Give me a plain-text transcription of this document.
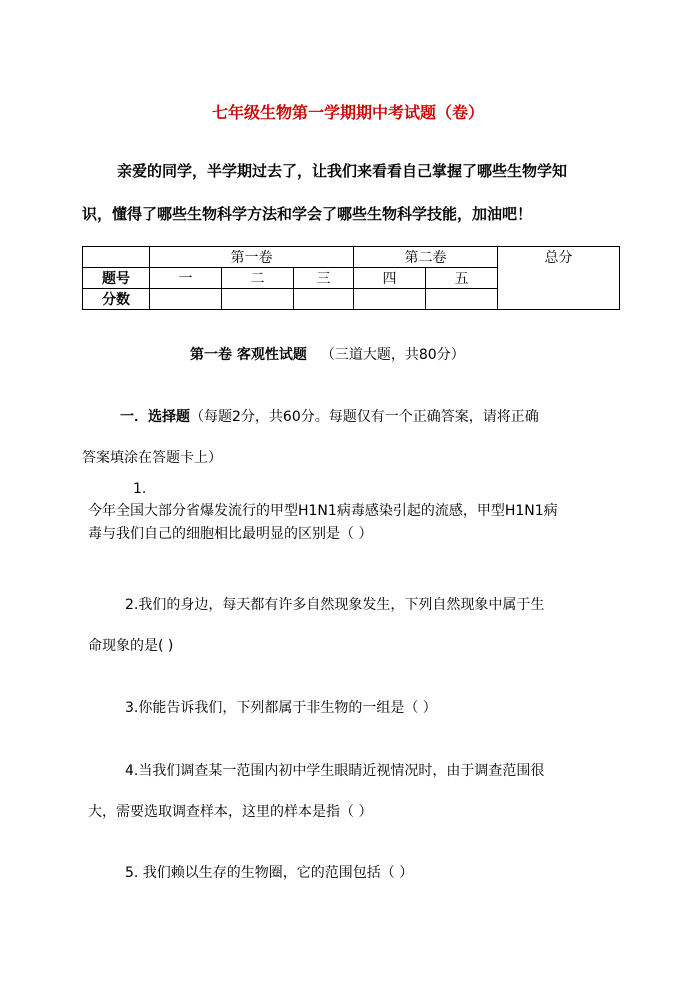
七年级生物第一学期期中考试题（卷）
亲爱的同学，半学期过去了，让我们来看看自己掌握了哪些生物学知
识，懂得了哪些生物科学方法和学会了哪些生物科学技能，加油吧！
	第一卷			第二卷		总分
题号	一	二	三	四	五	
分数						
第一卷 客观性试题 （三道大题，共80分）
一．选择题（每题2分，共60分。每题仅有一个正确答案，请将正确
答案填涂在答题卡上）
1.
今年全国大部分省爆发流行的甲型H1N1病毒感染引起的流感，甲型H1N1病
毒与我们自己的细胞相比最明显的区别是（ ）
2.我们的身边，每天都有许多自然现象发生，下列自然现象中属于生
命现象的是( )
3.你能告诉我们，下列都属于非生物的一组是（ ）
4.当我们调查某一范围内初中学生眼睛近视情况时，由于调查范围很
大，需要选取调查样本，这里的样本是指（ ）
5. 我们赖以生存的生物圈，它的范围包括（ ）
